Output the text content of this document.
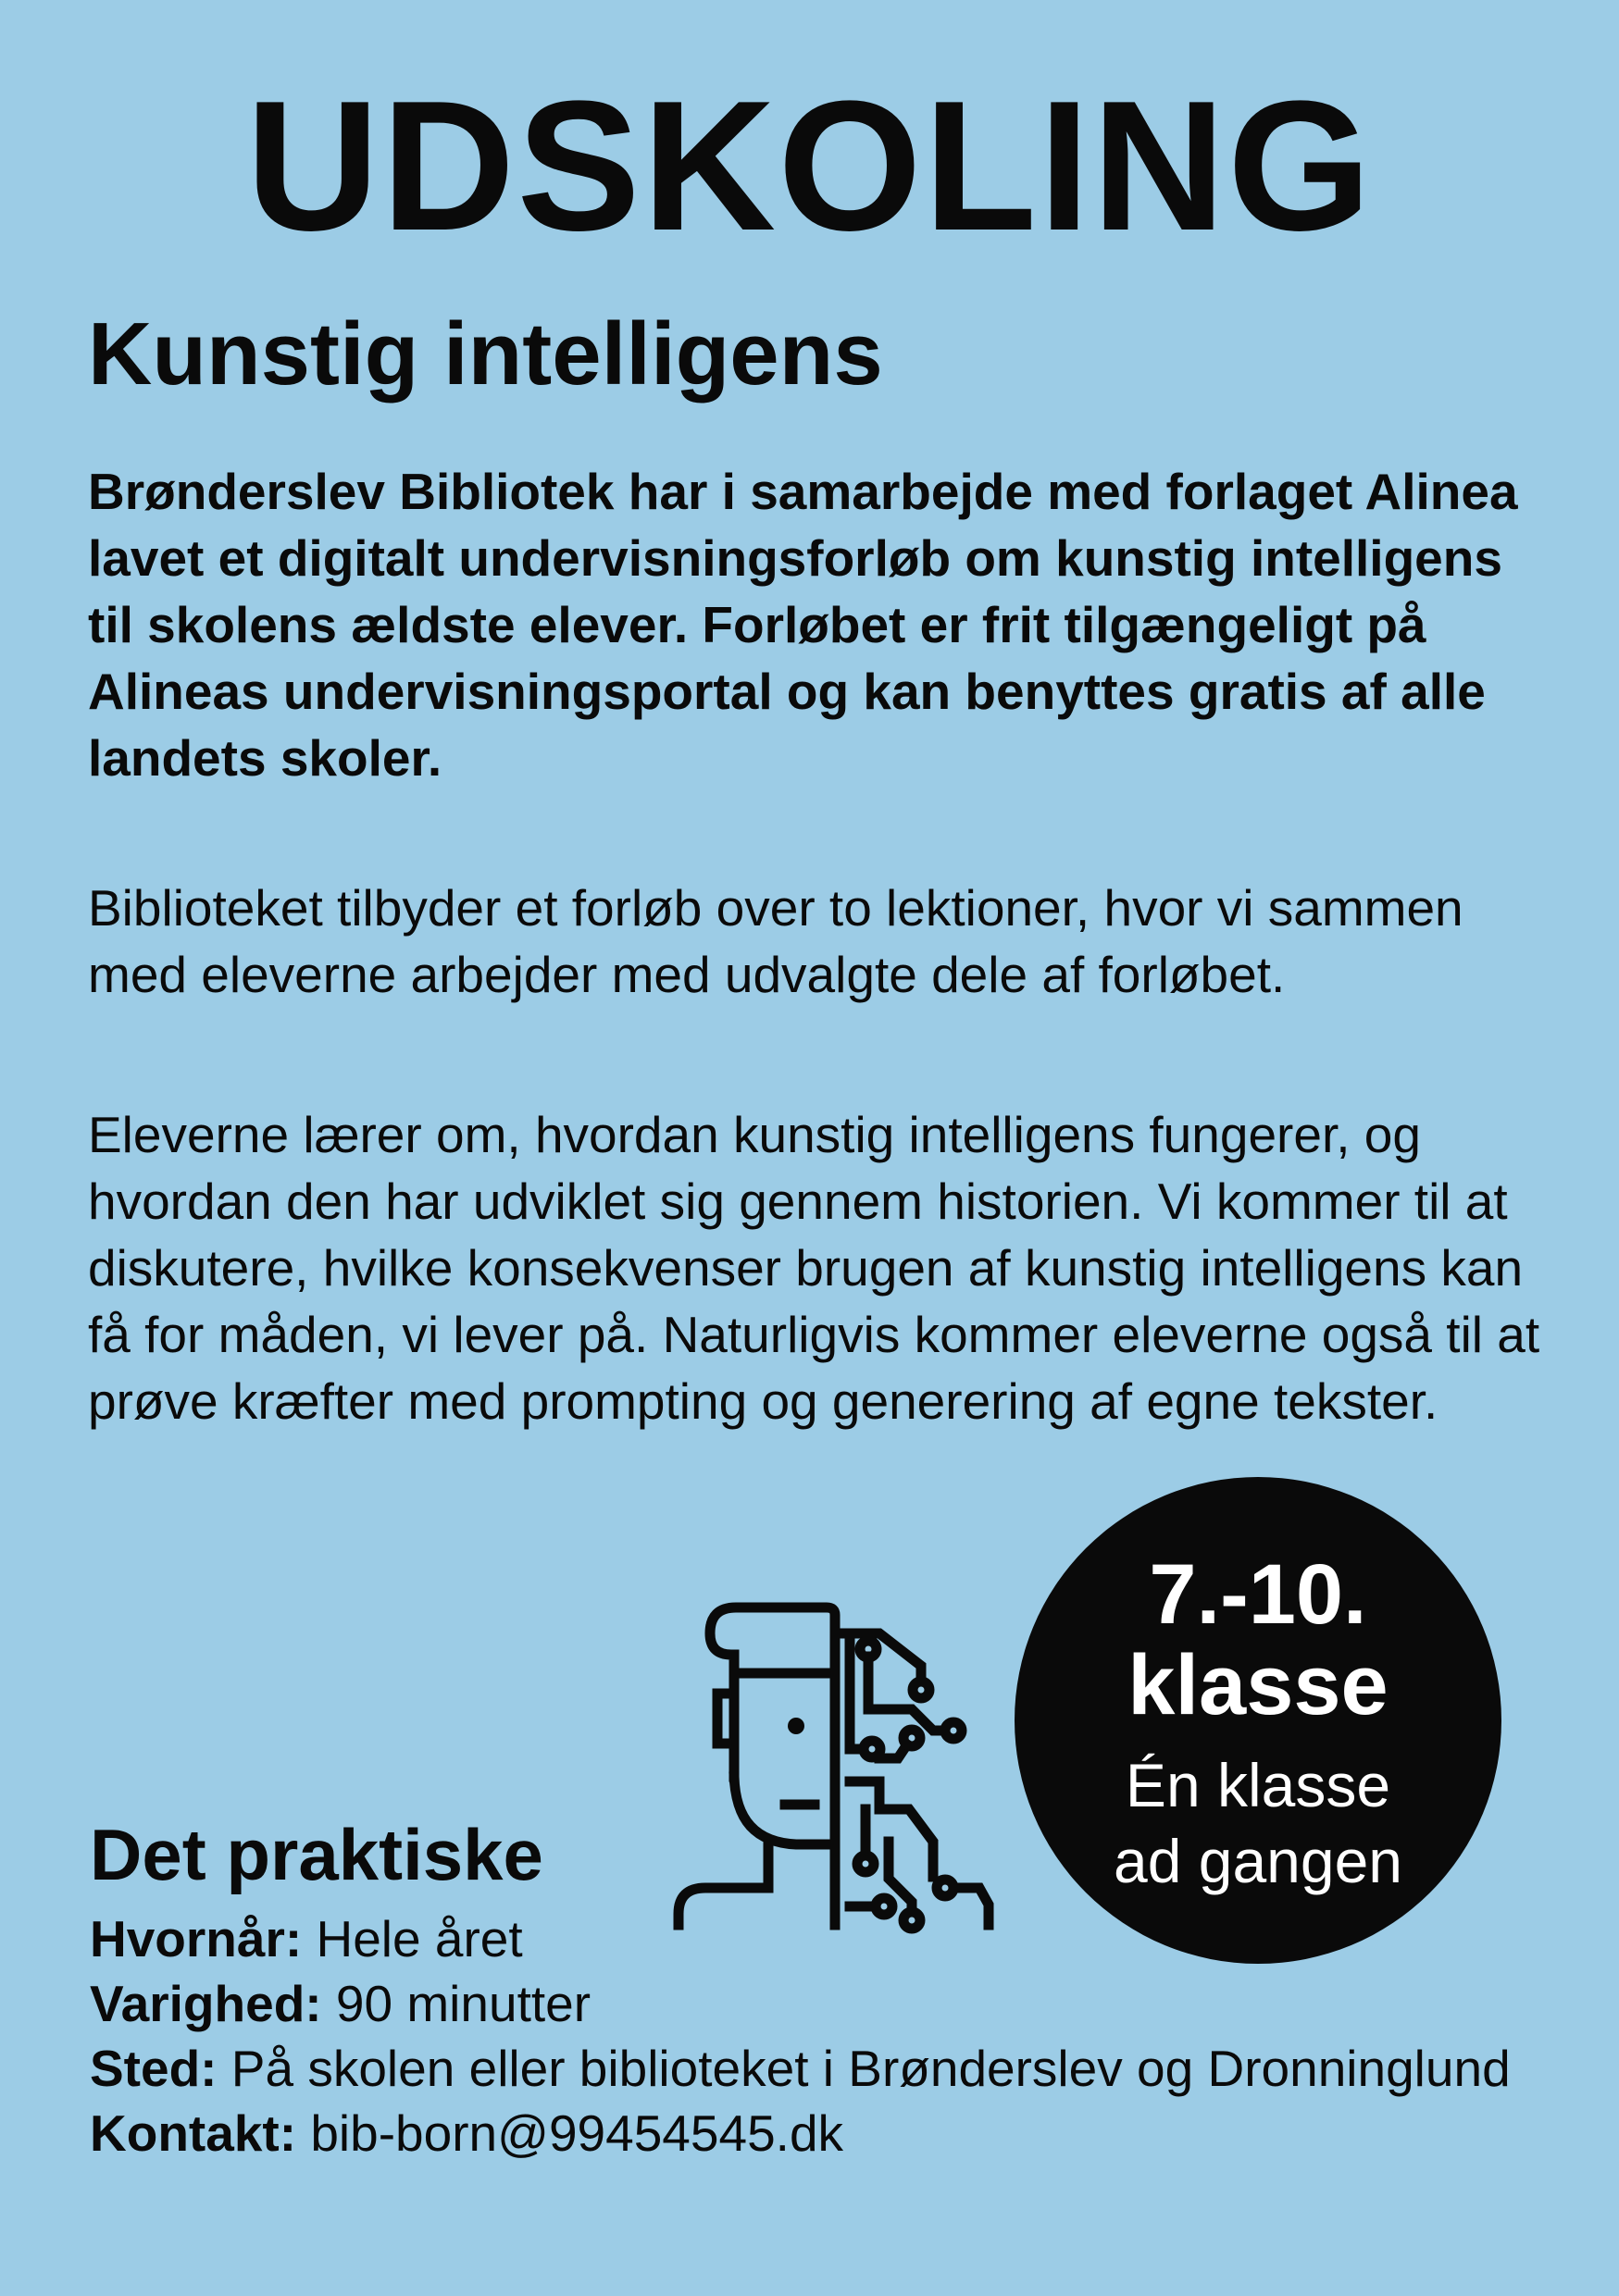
UDSKOLING
Kunstig intelligens

Brønderslev Bibliotek har i samarbejde med forlaget Alinea lavet et digitalt undervisningsforløb om kunstig intelligens til skolens ældste elever. Forløbet er frit tilgængeligt på Alineas undervisningsportal og kan benyttes gratis af alle landets skoler.

Biblioteket tilbyder et forløb over to lektioner, hvor vi sammen med eleverne arbejder med udvalgte dele af forløbet.

Eleverne lærer om, hvordan kunstig intelligens fungerer, og hvordan den har udviklet sig gennem historien. Vi kommer til at diskutere, hvilke konsekvenser brugen af kunstig intelligens kan få for måden, vi lever på. Naturligvis kommer eleverne også til at prøve kræfter med prompting og generering af egne tekster.

7.-10.
klasse
Én klasse
ad gangen
Det praktiske
Hvornår: Hele året
Varighed: 90 minutter
Sted: På skolen eller biblioteket i Brønderslev og Dronninglund
Kontakt: bib-born@99454545.dk
